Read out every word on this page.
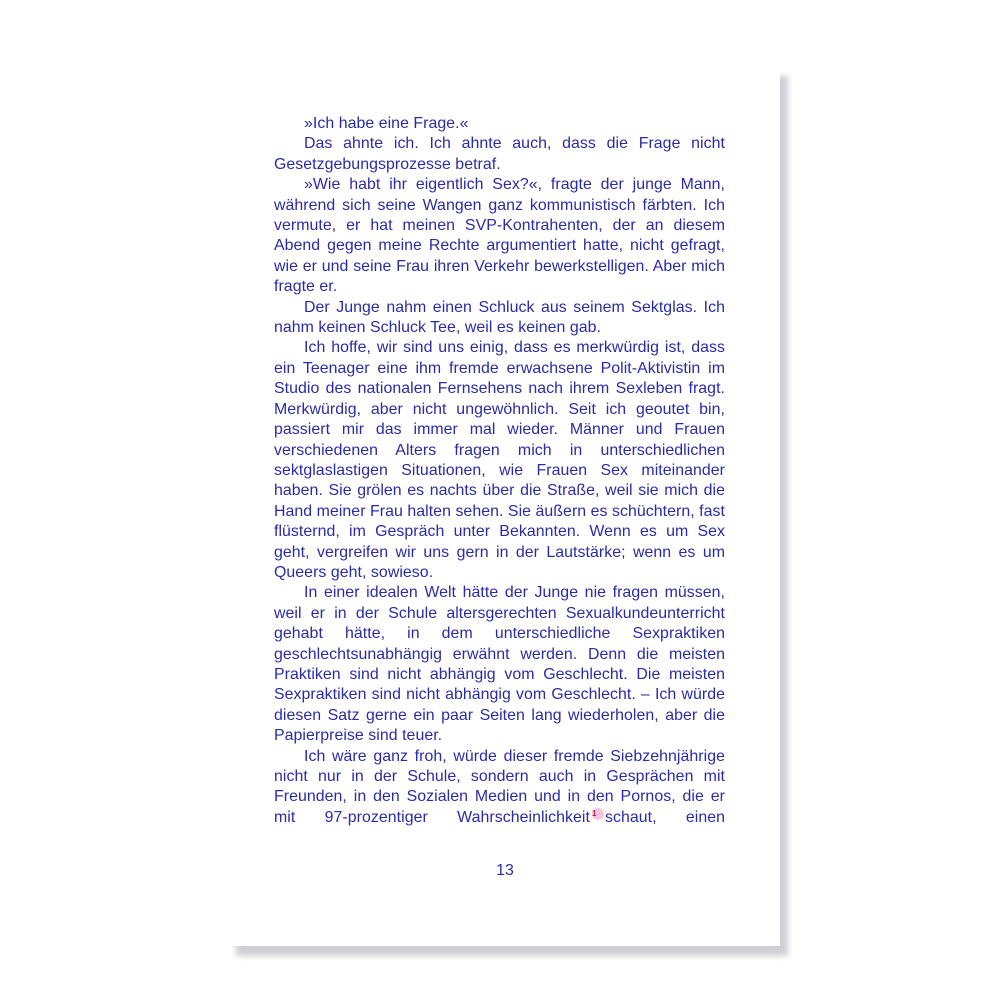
»Ich habe eine Frage.«

Das ahnte ich. Ich ahnte auch, dass die Frage nicht Gesetzgebungsprozesse betraf.

»Wie habt ihr eigentlich Sex?«, fragte der junge Mann, während sich seine Wangen ganz kommunistisch färbten. Ich vermute, er hat meinen SVP-Kontrahenten, der an diesem Abend gegen meine Rechte argumentiert hatte, nicht gefragt, wie er und seine Frau ihren Verkehr bewerkstelligen. Aber mich fragte er.

Der Junge nahm einen Schluck aus seinem Sektglas. Ich nahm keinen Schluck Tee, weil es keinen gab.

Ich hoffe, wir sind uns einig, dass es merkwürdig ist, dass ein Teenager eine ihm fremde erwachsene Polit-Aktivistin im Studio des nationalen Fernsehens nach ihrem Sexleben fragt. Merkwürdig, aber nicht ungewöhnlich. Seit ich geoutet bin, passiert mir das immer mal wieder. Männer und Frauen verschiedenen Alters fragen mich in unterschiedlichen sektglaslastigen Situationen, wie Frauen Sex miteinander haben. Sie grölen es nachts über die Straße, weil sie mich die Hand meiner Frau halten sehen. Sie äußern es schüchtern, fast flüsternd, im Gespräch unter Bekannten. Wenn es um Sex geht, vergreifen wir uns gern in der Lautstärke; wenn es um Queers geht, sowieso.

In einer idealen Welt hätte der Junge nie fragen müssen, weil er in der Schule altersgerechten Sexualkundeunterricht gehabt hätte, in dem unterschiedliche Sexpraktiken geschlechtsunabhängig erwähnt werden. Denn die meisten Praktiken sind nicht abhängig vom Geschlecht. Die meisten Sexpraktiken sind nicht abhängig vom Geschlecht. – Ich würde diesen Satz gerne ein paar Seiten lang wiederholen, aber die Papierpreise sind teuer.

Ich wäre ganz froh, würde dieser fremde Siebzehnjährige nicht nur in der Schule, sondern auch in Gesprächen mit Freunden, in den Sozialen Medien und in den Pornos, die er mit 97-prozentiger Wahrscheinlichkeit 1 schaut, einen

13
